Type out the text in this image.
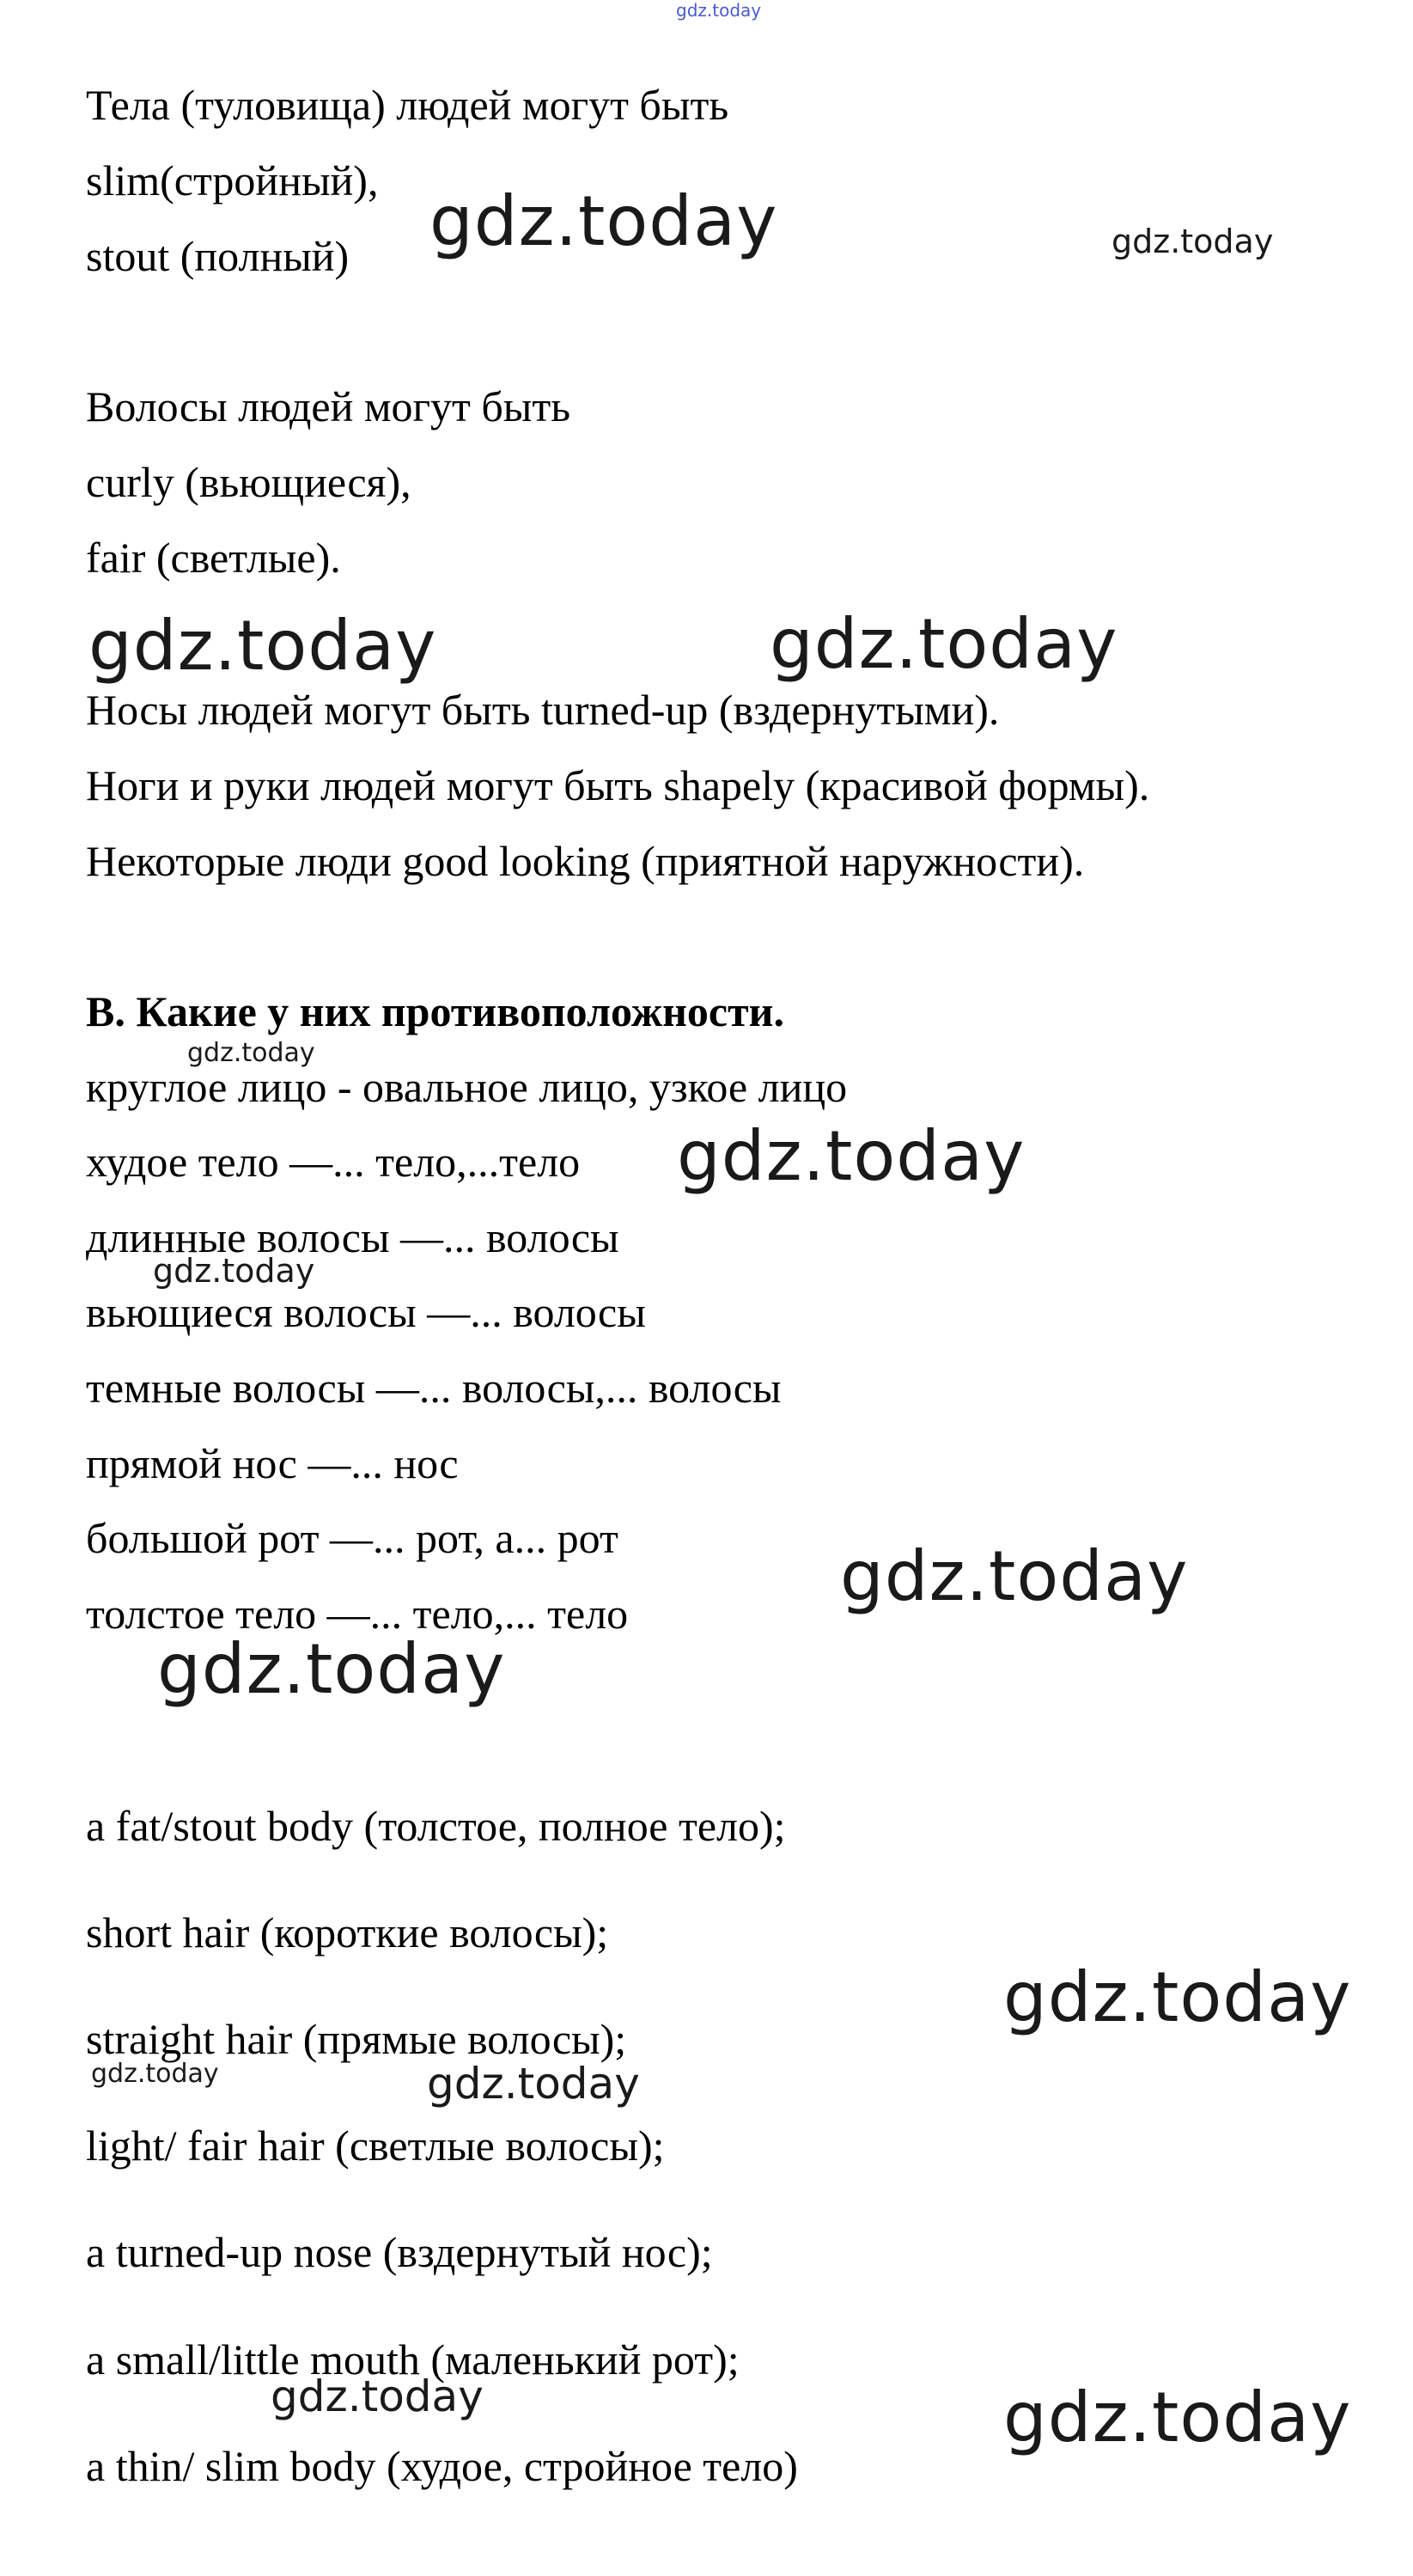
gdz.today
Тела (туловища) людей могут быть
slim(стройный),
stout (полный)
Волосы людей могут быть
curly (вьющиеся),
fair (светлые).
Носы людей могут быть turned-up (вздернутыми).
Ноги и руки людей могут быть shapely (красивой формы).
Некоторые люди good looking (приятной наружности).
B. Какие у них противоположности.
круглое лицо - овальное лицо, узкое лицо
худое тело —... тело,...тело
длинные волосы —... волосы
вьющиеся волосы —... волосы
темные волосы —... волосы,... волосы
прямой нос —... нос
большой рот —... рот, а... рот
толстое тело —... тело,... тело
a fat/stout body (толстое, полное тело);
short hair (короткие волосы);
straight hair (прямые волосы);
light/ fair hair (светлые волосы);
a turned-up nose (вздернутый нос);
a small/little mouth (маленький рот);
a thin/ slim body (худое, стройное тело)
gdz.today	gdz.today
gdz.today	gdz.today
gdz.today
gdz.today
gdz.today
gdz.today
gdz.today
gdz.today
gdz.today	gdz.today
gdz.today	gdz.today
